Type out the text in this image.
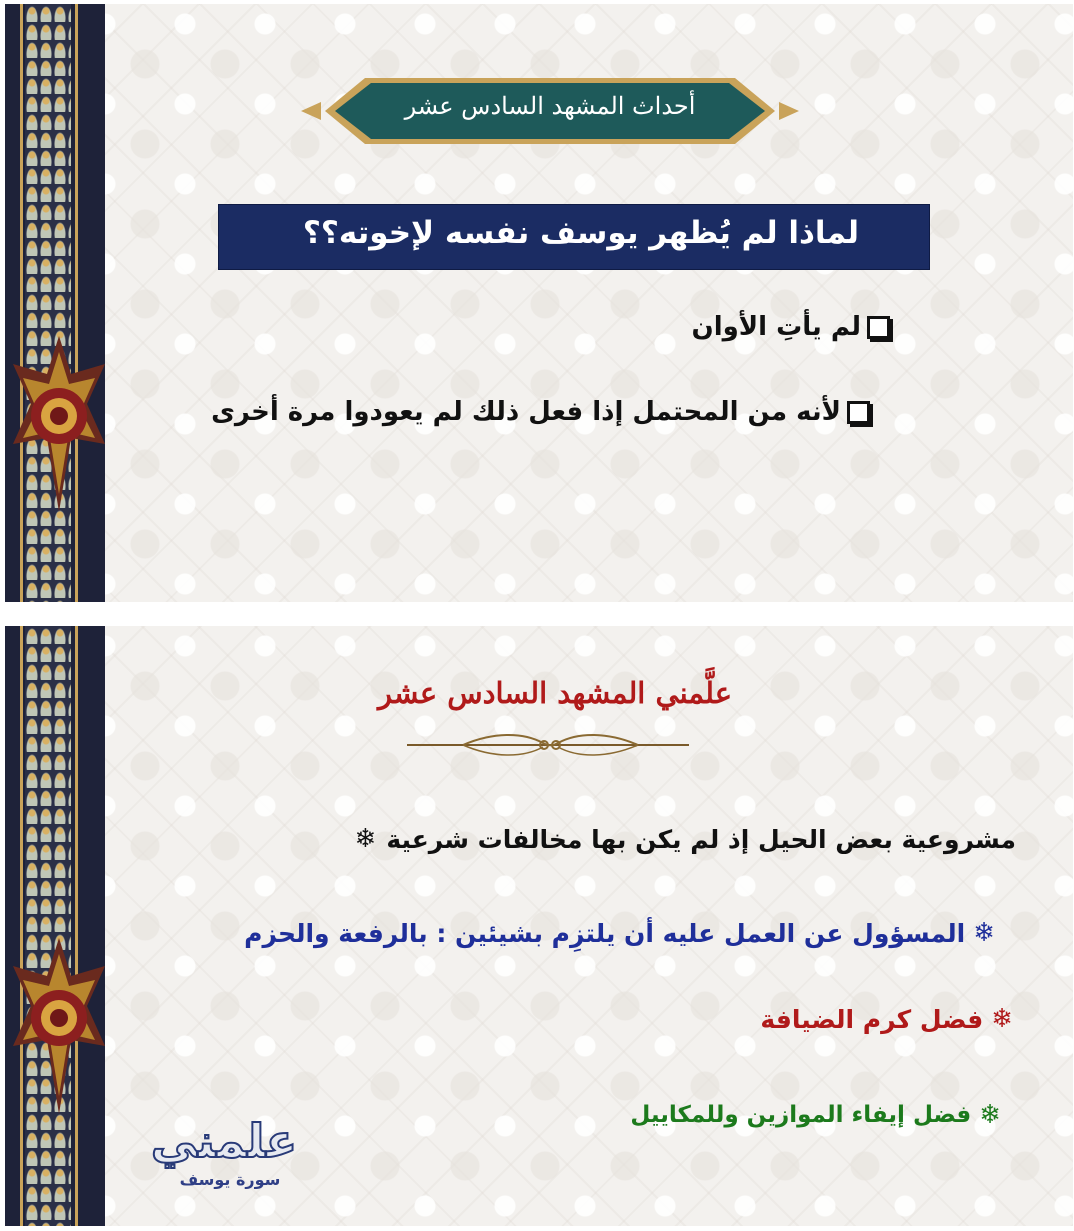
أحداث المشهد السادس عشر
لماذا لم يُظهر يوسف نفسه لإخوته؟؟
لم يأتِ الأوان
لأنه من المحتمل إذا فعل ذلك لم يعودوا مرة أخرى
علَّمني المشهد السادس عشر
مشروعية بعض الحيل إذ لم يكن بها مخالفات شرعية
❄
❄
المسؤول عن العمل عليه أن يلتزِم بشيئين : بالرفعة والحزم
❄
فضل كرم الضيافة
❄
فضل إيفاء الموازين وللمكاييل
علمني
سورة يوسف
